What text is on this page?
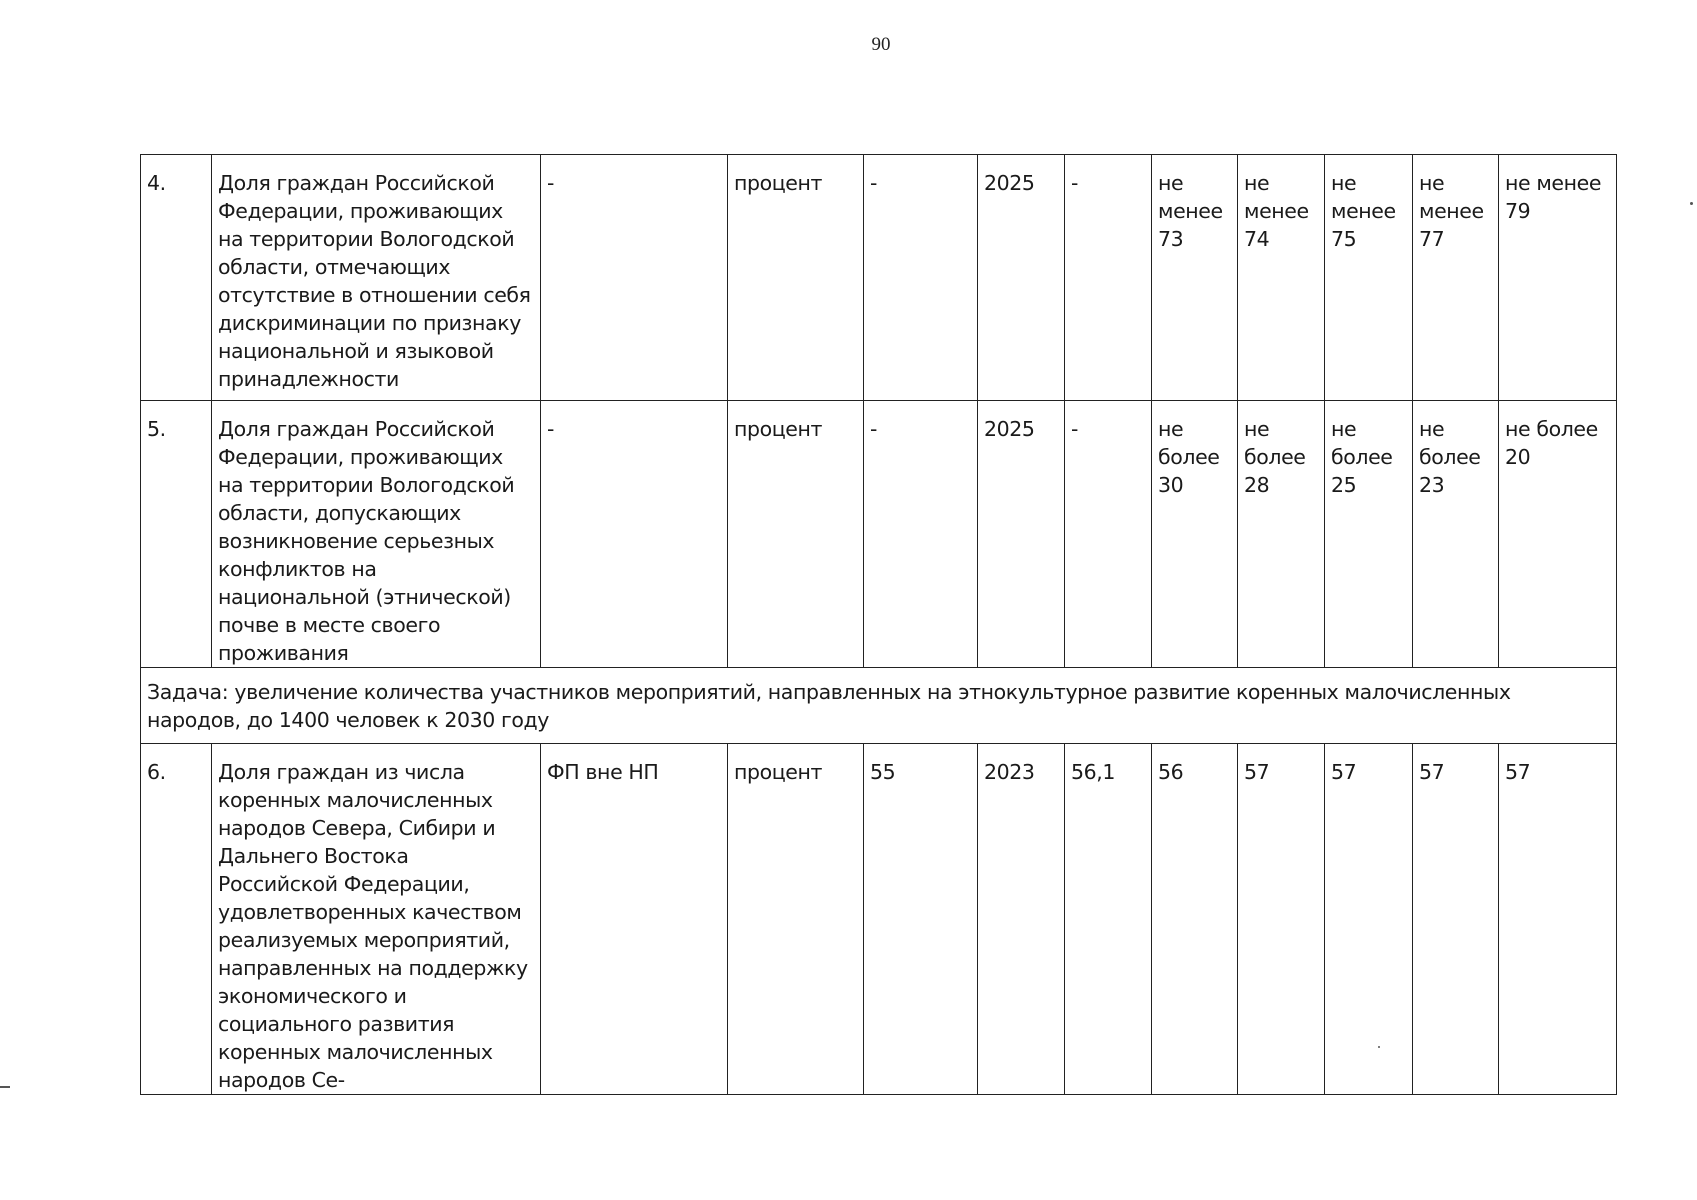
90
4.	Доля граждан Российской Федерации, проживающих на территории Вологодской области, отмечающих отсутствие в отношении себя дискриминации по признаку национальной и языковой принадлежности	-	процент	-	2025	-	не менее 73	не менее 74	не менее 75	не менее 77	не менее 79
5.	Доля граждан Российской Федерации, проживающих на территории Вологодской области, допускающих возникновение серьезных конфликтов на национальной (этнической) почве в месте своего проживания	-	процент	-	2025	-	не более 30	не более 28	не более 25	не более 23	не более 20
Задача: увеличение количества участников мероприятий, направленных на этнокультурное развитие коренных малочисленных народов, до 1400 человек к 2030 году											
6.	Доля граждан из числа коренных малочисленных народов Севера, Сибири и Дальнего Востока Российской Федерации, удовлетворенных качеством реализуемых мероприятий, направленных на поддержку экономического и социального развития коренных малочисленных народов Се-	ФП вне НП	процент	55	2023	56,1	56	57	57	57	57
